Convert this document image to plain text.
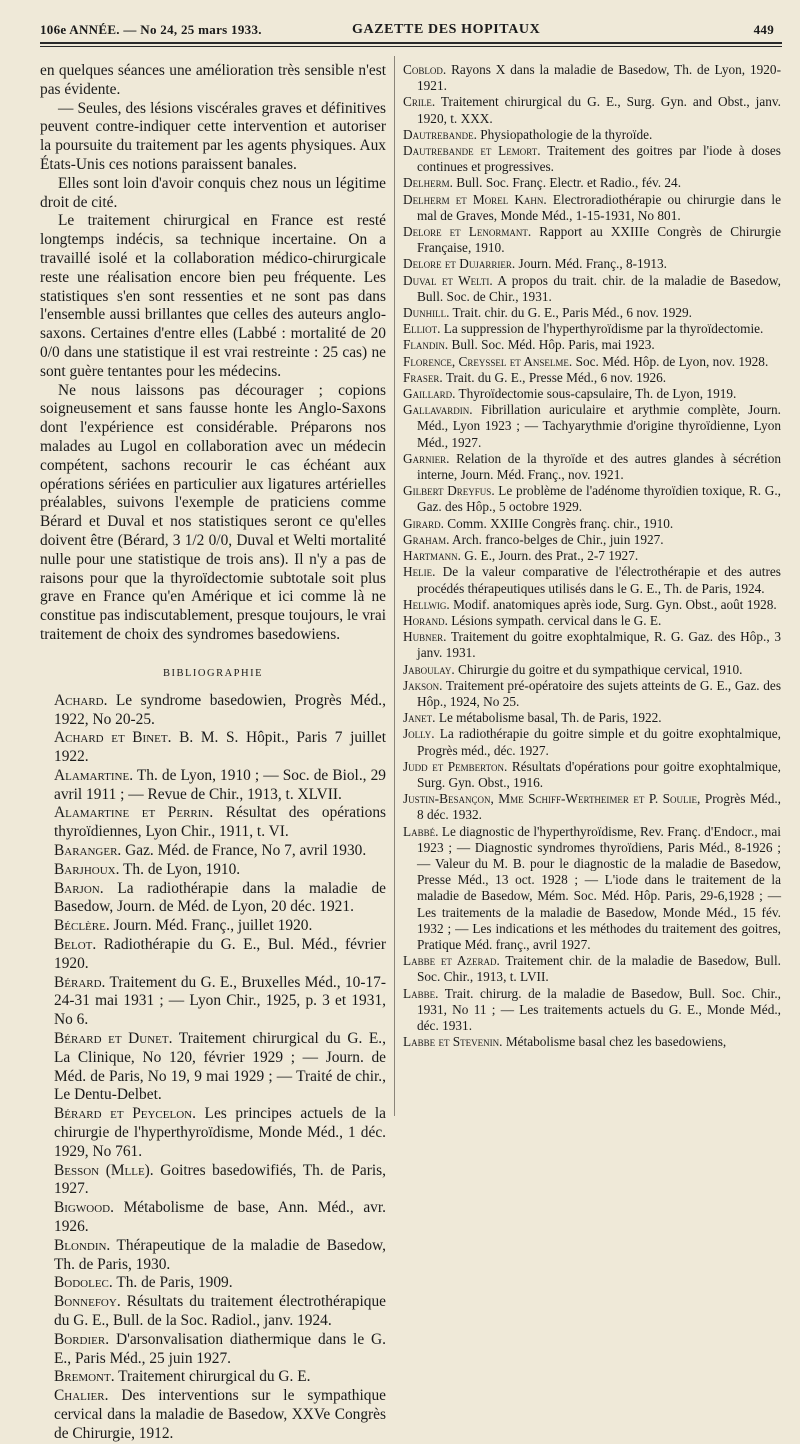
106e ANNÉE. — No 24, 25 mars 1933.	GAZETTE DES HOPITAUX	449

en quelques séances une amélioration très sensible n'est pas évidente.

— Seules, des lésions viscérales graves et définitives peuvent contre-indiquer cette intervention et autoriser la poursuite du traitement par les agents physiques. Aux États-Unis ces notions paraissent banales.

Elles sont loin d'avoir conquis chez nous un légitime droit de cité.

Le traitement chirurgical en France est resté longtemps indécis, sa technique incertaine. On a travaillé isolé et la collaboration médico-chirurgicale reste une réalisation encore bien peu fréquente. Les statistiques s'en sont ressenties et ne sont pas dans l'ensemble aussi brillantes que celles des auteurs anglo-saxons. Certaines d'entre elles (Labbé : mortalité de 20 0/0 dans une statistique il est vrai restreinte : 25 cas) ne sont guère tentantes pour les médecins.

Ne nous laissons pas décourager ; copions soigneusement et sans fausse honte les Anglo-Saxons dont l'expérience est considérable. Préparons nos malades au Lugol en collaboration avec un médecin compétent, sachons recourir le cas échéant aux opérations sériées en particulier aux ligatures artérielles préalables, suivons l'exemple de praticiens comme Bérard et Duval et nos statistiques seront ce qu'elles doivent être (Bérard, 3 1/2 0/0, Duval et Welti mortalité nulle pour une statistique de trois ans). Il n'y a pas de raisons pour que la thyroïdectomie subtotale soit plus grave en France qu'en Amérique et ici comme là ne constitue pas indiscutablement, presque toujours, le vrai traitement de choix des syndromes basedowiens.

BIBLIOGRAPHIE

Achard. Le syndrome basedowien, Progrès Méd., 1922, No 20-25.

Achard et Binet. B. M. S. Hôpit., Paris 7 juillet 1922.

Alamartine. Th. de Lyon, 1910 ; — Soc. de Biol., 29 avril 1911 ; — Revue de Chir., 1913, t. XLVII.

Alamartine et Perrin. Résultat des opérations thyroïdiennes, Lyon Chir., 1911, t. VI.

Baranger. Gaz. Méd. de France, No 7, avril 1930.

Barjhoux. Th. de Lyon, 1910.

Barjon. La radiothérapie dans la maladie de Basedow, Journ. de Méd. de Lyon, 20 déc. 1921.

Béclère. Journ. Méd. Franç., juillet 1920.

Belot. Radiothérapie du G. E., Bul. Méd., février 1920.

Bérard. Traitement du G. E., Bruxelles Méd., 10-17-24-31 mai 1931 ; — Lyon Chir., 1925, p. 3 et 1931, No 6.

Bérard et Dunet. Traitement chirurgical du G. E., La Clinique, No 120, février 1929 ; — Journ. de Méd. de Paris, No 19, 9 mai 1929 ; — Traité de chir., Le Dentu-Delbet.

Bérard et Peycelon. Les principes actuels de la chirurgie de l'hyperthyroïdisme, Monde Méd., 1 déc. 1929, No 761.

Besson (Mlle). Goitres basedowifiés, Th. de Paris, 1927.

Bigwood. Métabolisme de base, Ann. Méd., avr. 1926.

Blondin. Thérapeutique de la maladie de Basedow, Th. de Paris, 1930.

Bodolec. Th. de Paris, 1909.

Bonnefoy. Résultats du traitement électrothérapique du G. E., Bull. de la Soc. Radiol., janv. 1924.

Bordier. D'arsonvalisation diathermique dans le G. E., Paris Méd., 25 juin 1927.

Bremont. Traitement chirurgical du G. E.

Chalier. Des interventions sur le sympathique cervical dans la maladie de Basedow, XXVe Congrès de Chirurgie, 1912.

Coblod. Rayons X dans la maladie de Basedow, Th. de Lyon, 1920-1921.

Crile. Traitement chirurgical du G. E., Surg. Gyn. and Obst., janv. 1920, t. XXX.

Dautrebande. Physiopathologie de la thyroïde.

Dautrebande et Lemort. Traitement des goitres par l'iode à doses continues et progressives.

Delherm. Bull. Soc. Franç. Electr. et Radio., fév. 24.

Delherm et Morel Kahn. Electroradiothérapie ou chirurgie dans le mal de Graves, Monde Méd., 1-15-1931, No 801.

Delore et Lenormant. Rapport au XXIIIe Congrès de Chirurgie Française, 1910.

Delore et Dujarrier. Journ. Méd. Franç., 8-1913.

Duval et Welti. A propos du trait. chir. de la maladie de Basedow, Bull. Soc. de Chir., 1931.

Dunhill. Trait. chir. du G. E., Paris Méd., 6 nov. 1929.

Elliot. La suppression de l'hyperthyroïdisme par la thyroïdectomie.

Flandin. Bull. Soc. Méd. Hôp. Paris, mai 1923.

Florence, Creyssel et Anselme. Soc. Méd. Hôp. de Lyon, nov. 1928.

Fraser. Trait. du G. E., Presse Méd., 6 nov. 1926.

Gaillard. Thyroïdectomie sous-capsulaire, Th. de Lyon, 1919.

Gallavardin. Fibrillation auriculaire et arythmie complète, Journ. Méd., Lyon 1923 ; — Tachyarythmie d'origine thyroïdienne, Lyon Méd., 1927.

Garnier. Relation de la thyroïde et des autres glandes à sécrétion interne, Journ. Méd. Franç., nov. 1921.

Gilbert Dreyfus. Le problème de l'adénome thyroïdien toxique, R. G., Gaz. des Hôp., 5 octobre 1929.

Girard. Comm. XXIIIe Congrès franç. chir., 1910.

Graham. Arch. franco-belges de Chir., juin 1927.

Hartmann. G. E., Journ. des Prat., 2-7 1927.

Helie. De la valeur comparative de l'électrothérapie et des autres procédés thérapeutiques utilisés dans le G. E., Th. de Paris, 1924.

Hellwig. Modif. anatomiques après iode, Surg. Gyn. Obst., août 1928.

Horand. Lésions sympath. cervical dans le G. E.

Hubner. Traitement du goitre exophtalmique, R. G. Gaz. des Hôp., 3 janv. 1931.

Jaboulay. Chirurgie du goitre et du sympathique cervical, 1910.

Jakson. Traitement pré-opératoire des sujets atteints de G. E., Gaz. des Hôp., 1924, No 25.

Janet. Le métabolisme basal, Th. de Paris, 1922.

Jolly. La radiothérapie du goitre simple et du goitre exophtalmique, Progrès méd., déc. 1927.

Judd et Pemberton. Résultats d'opérations pour goitre exophtalmique, Surg. Gyn. Obst., 1916.

Justin-Besançon, Mme Schiff-Wertheimer et P. Soulie, Progrès Méd., 8 déc. 1932.

Labbé. Le diagnostic de l'hyperthyroïdisme, Rev. Franç. d'Endocr., mai 1923 ; — Diagnostic syndromes thyroïdiens, Paris Méd., 8-1926 ; — Valeur du M. B. pour le diagnostic de la maladie de Basedow, Presse Méd., 13 oct. 1928 ; — L'iode dans le traitement de la maladie de Basedow, Mém. Soc. Méd. Hôp. Paris, 29-6,1928 ; — Les traitements de la maladie de Basedow, Monde Méd., 15 fév. 1932 ; — Les indications et les méthodes du traitement des goitres, Pratique Méd. franç., avril 1927.

Labbe et Azerad. Traitement chir. de la maladie de Basedow, Bull. Soc. Chir., 1913, t. LVII.

Labbe. Trait. chirurg. de la maladie de Basedow, Bull. Soc. Chir., 1931, No 11 ; — Les traitements actuels du G. E., Monde Méd., déc. 1931.

Labbe et Stevenin. Métabolisme basal chez les basedowiens,
